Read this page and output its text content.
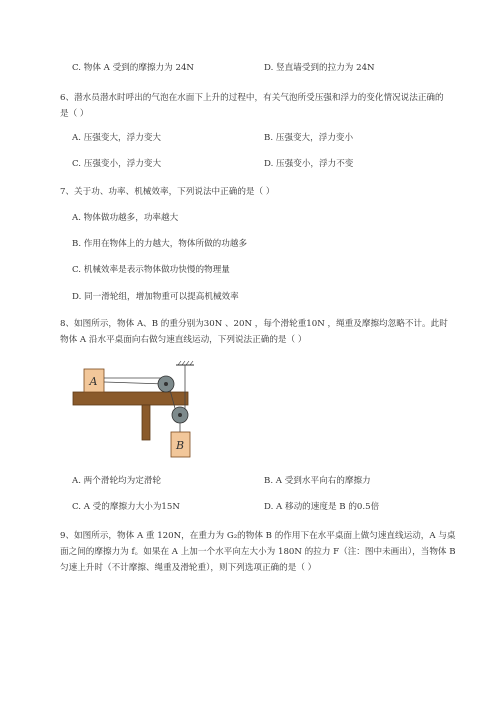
C. 物体 A 受到的摩擦力为 24N	D. 竖直墙受到的拉力为 24N
6、潜水员潜水时呼出的气泡在水面下上升的过程中，有关气泡所受压强和浮力的变化情况说法正确的
是（ ）
A. 压强变大，浮力变大	B. 压强变大，浮力变小
C. 压强变小，浮力变大	D. 压强变小，浮力不变
7、关于功、功率、机械效率，下列说法中正确的是（ ）
A. 物体做功越多，功率越大
B. 作用在物体上的力越大，物体所做的功越多
C. 机械效率是表示物体做功快慢的物理量
D. 同一滑轮组，增加物重可以提高机械效率
8、如图所示，物体 A、B 的重分别为30N 、20N ，每个滑轮重10N ，绳重及摩擦均忽略不计。此时
物体 A 沿水平桌面向右做匀速直线运动，下列说法正确的是（ ）
A
B
A. 两个滑轮均为定滑轮	B. A 受到水平向右的摩擦力
C. A 受的摩擦力大小为15N	D. A 移动的速度是 B 的0.5倍
9、如图所示，物体 A 重 120N，在重力为 G₂的物体 B 的作用下在水平桌面上做匀速直线运动，A 与桌
面之间的摩擦力为 f。如果在 A 上加一个水平向左大小为 180N 的拉力 F（注：图中未画出），当物体 B
匀速上升时（不计摩擦、绳重及滑轮重），则下列选项正确的是（ ）
